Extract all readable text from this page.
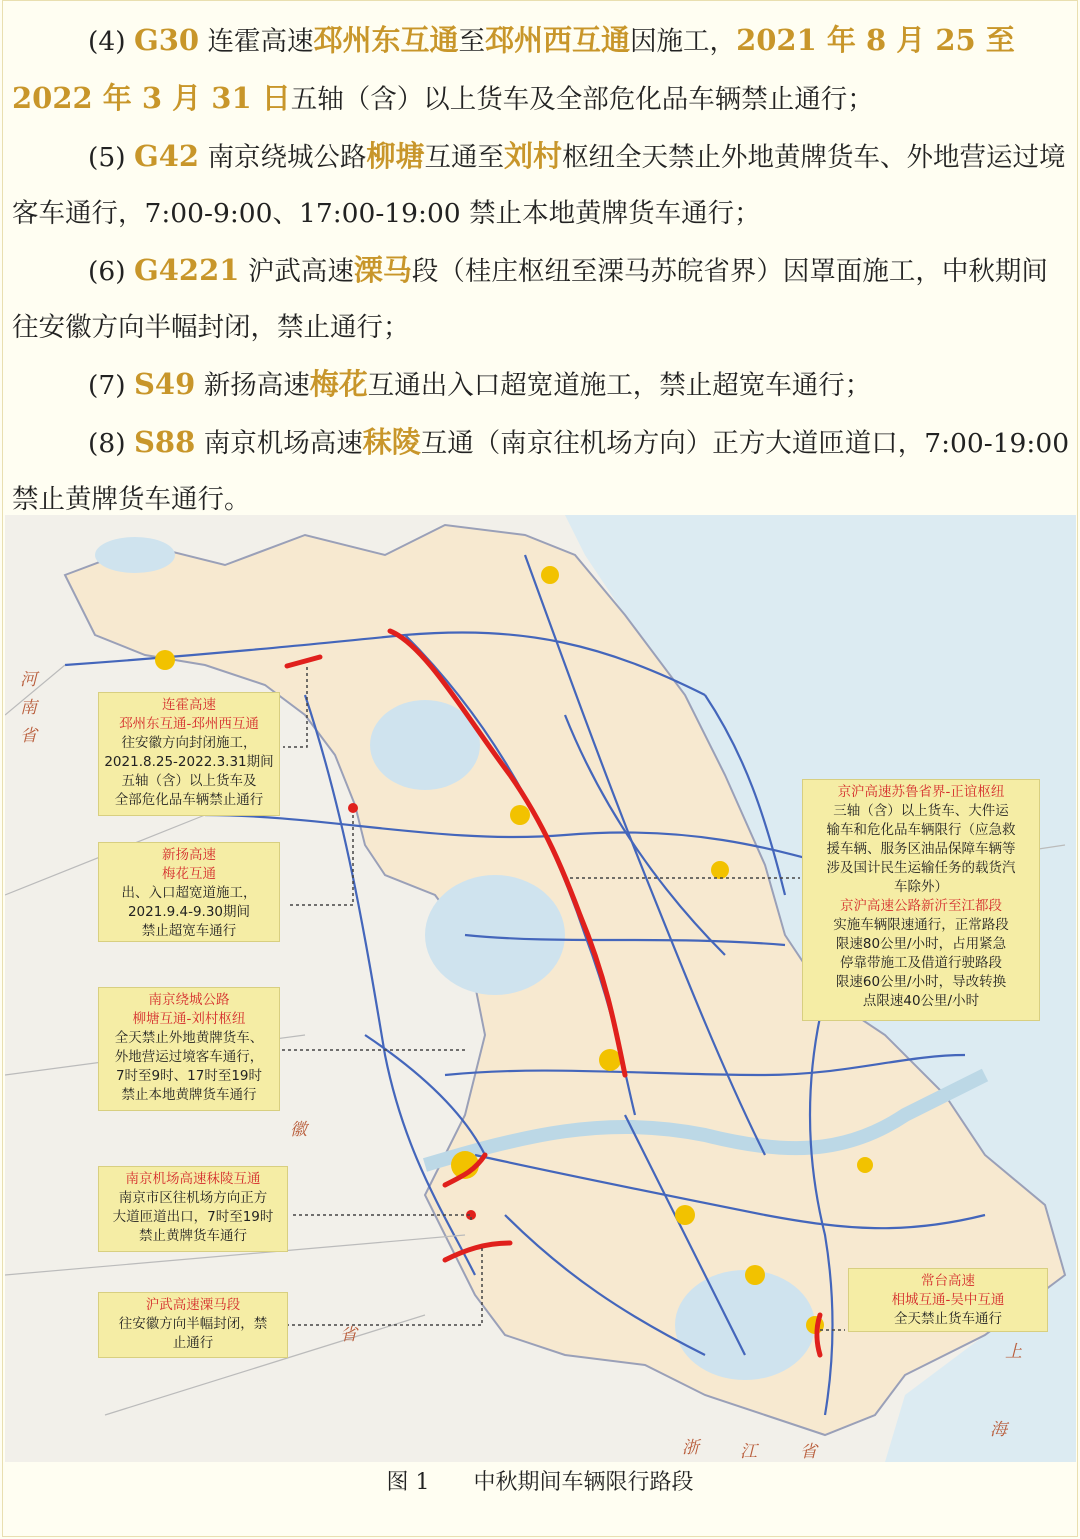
(4) G30 连霍高速邳州东互通至邳州西互通因施工，2021 年 8 月 25 至 2022 年 3 月 31 日五轴（含）以上货车及全部危化品车辆禁止通行；

(5) G42 南京绕城公路柳塘互通至刘村枢纽全天禁止外地黄牌货车、外地营运过境客车通行，7:00-9:00、17:00-19:00 禁止本地黄牌货车通行；

(6) G4221 沪武高速溧马段（桂庄枢纽至溧马苏皖省界）因罩面施工，中秋期间往安徽方向半幅封闭，禁止通行；

(7) S49 新扬高速梅花互通出入口超宽道施工，禁止超宽车通行；

(8) S88 南京机场高速秣陵互通（南京往机场方向）正方大道匝道口，7:00-19:00 禁止黄牌货车通行。

连霍高速
邳州东互通-邳州西互通
往安徽方向封闭施工，
2021.8.25-2022.3.31期间
五轴（含）以上货车及
全部危化品车辆禁止通行
新扬高速
梅花互通
出、入口超宽道施工，
2021.9.4-9.30期间
禁止超宽车通行
南京绕城公路
柳塘互通-刘村枢纽
全天禁止外地黄牌货车、
外地营运过境客车通行，
7时至9时、17时至19时
禁止本地黄牌货车通行
南京机场高速秣陵互通
南京市区往机场方向正方
大道匝道出口，7时至19时
禁止黄牌货车通行
沪武高速溧马段
往安徽方向半幅封闭，禁
止通行
京沪高速苏鲁省界-正谊枢纽
三轴（含）以上货车、大件运
输车和危化品车辆限行（应急救
援车辆、服务区油品保障车辆等
涉及国计民生运输任务的载货汽
车除外）
京沪高速公路新沂至江都段
实施车辆限速通行，正常路段
限速80公里/小时，占用紧急
停靠带施工及借道行驶路段
限速60公里/小时，导改转换
点限速40公里/小时
常台高速
相城互通-吴中互通
全天禁止货车通行
河
南
省
徽
省
浙 江	省
上
海
图 1 中秋期间车辆限行路段
